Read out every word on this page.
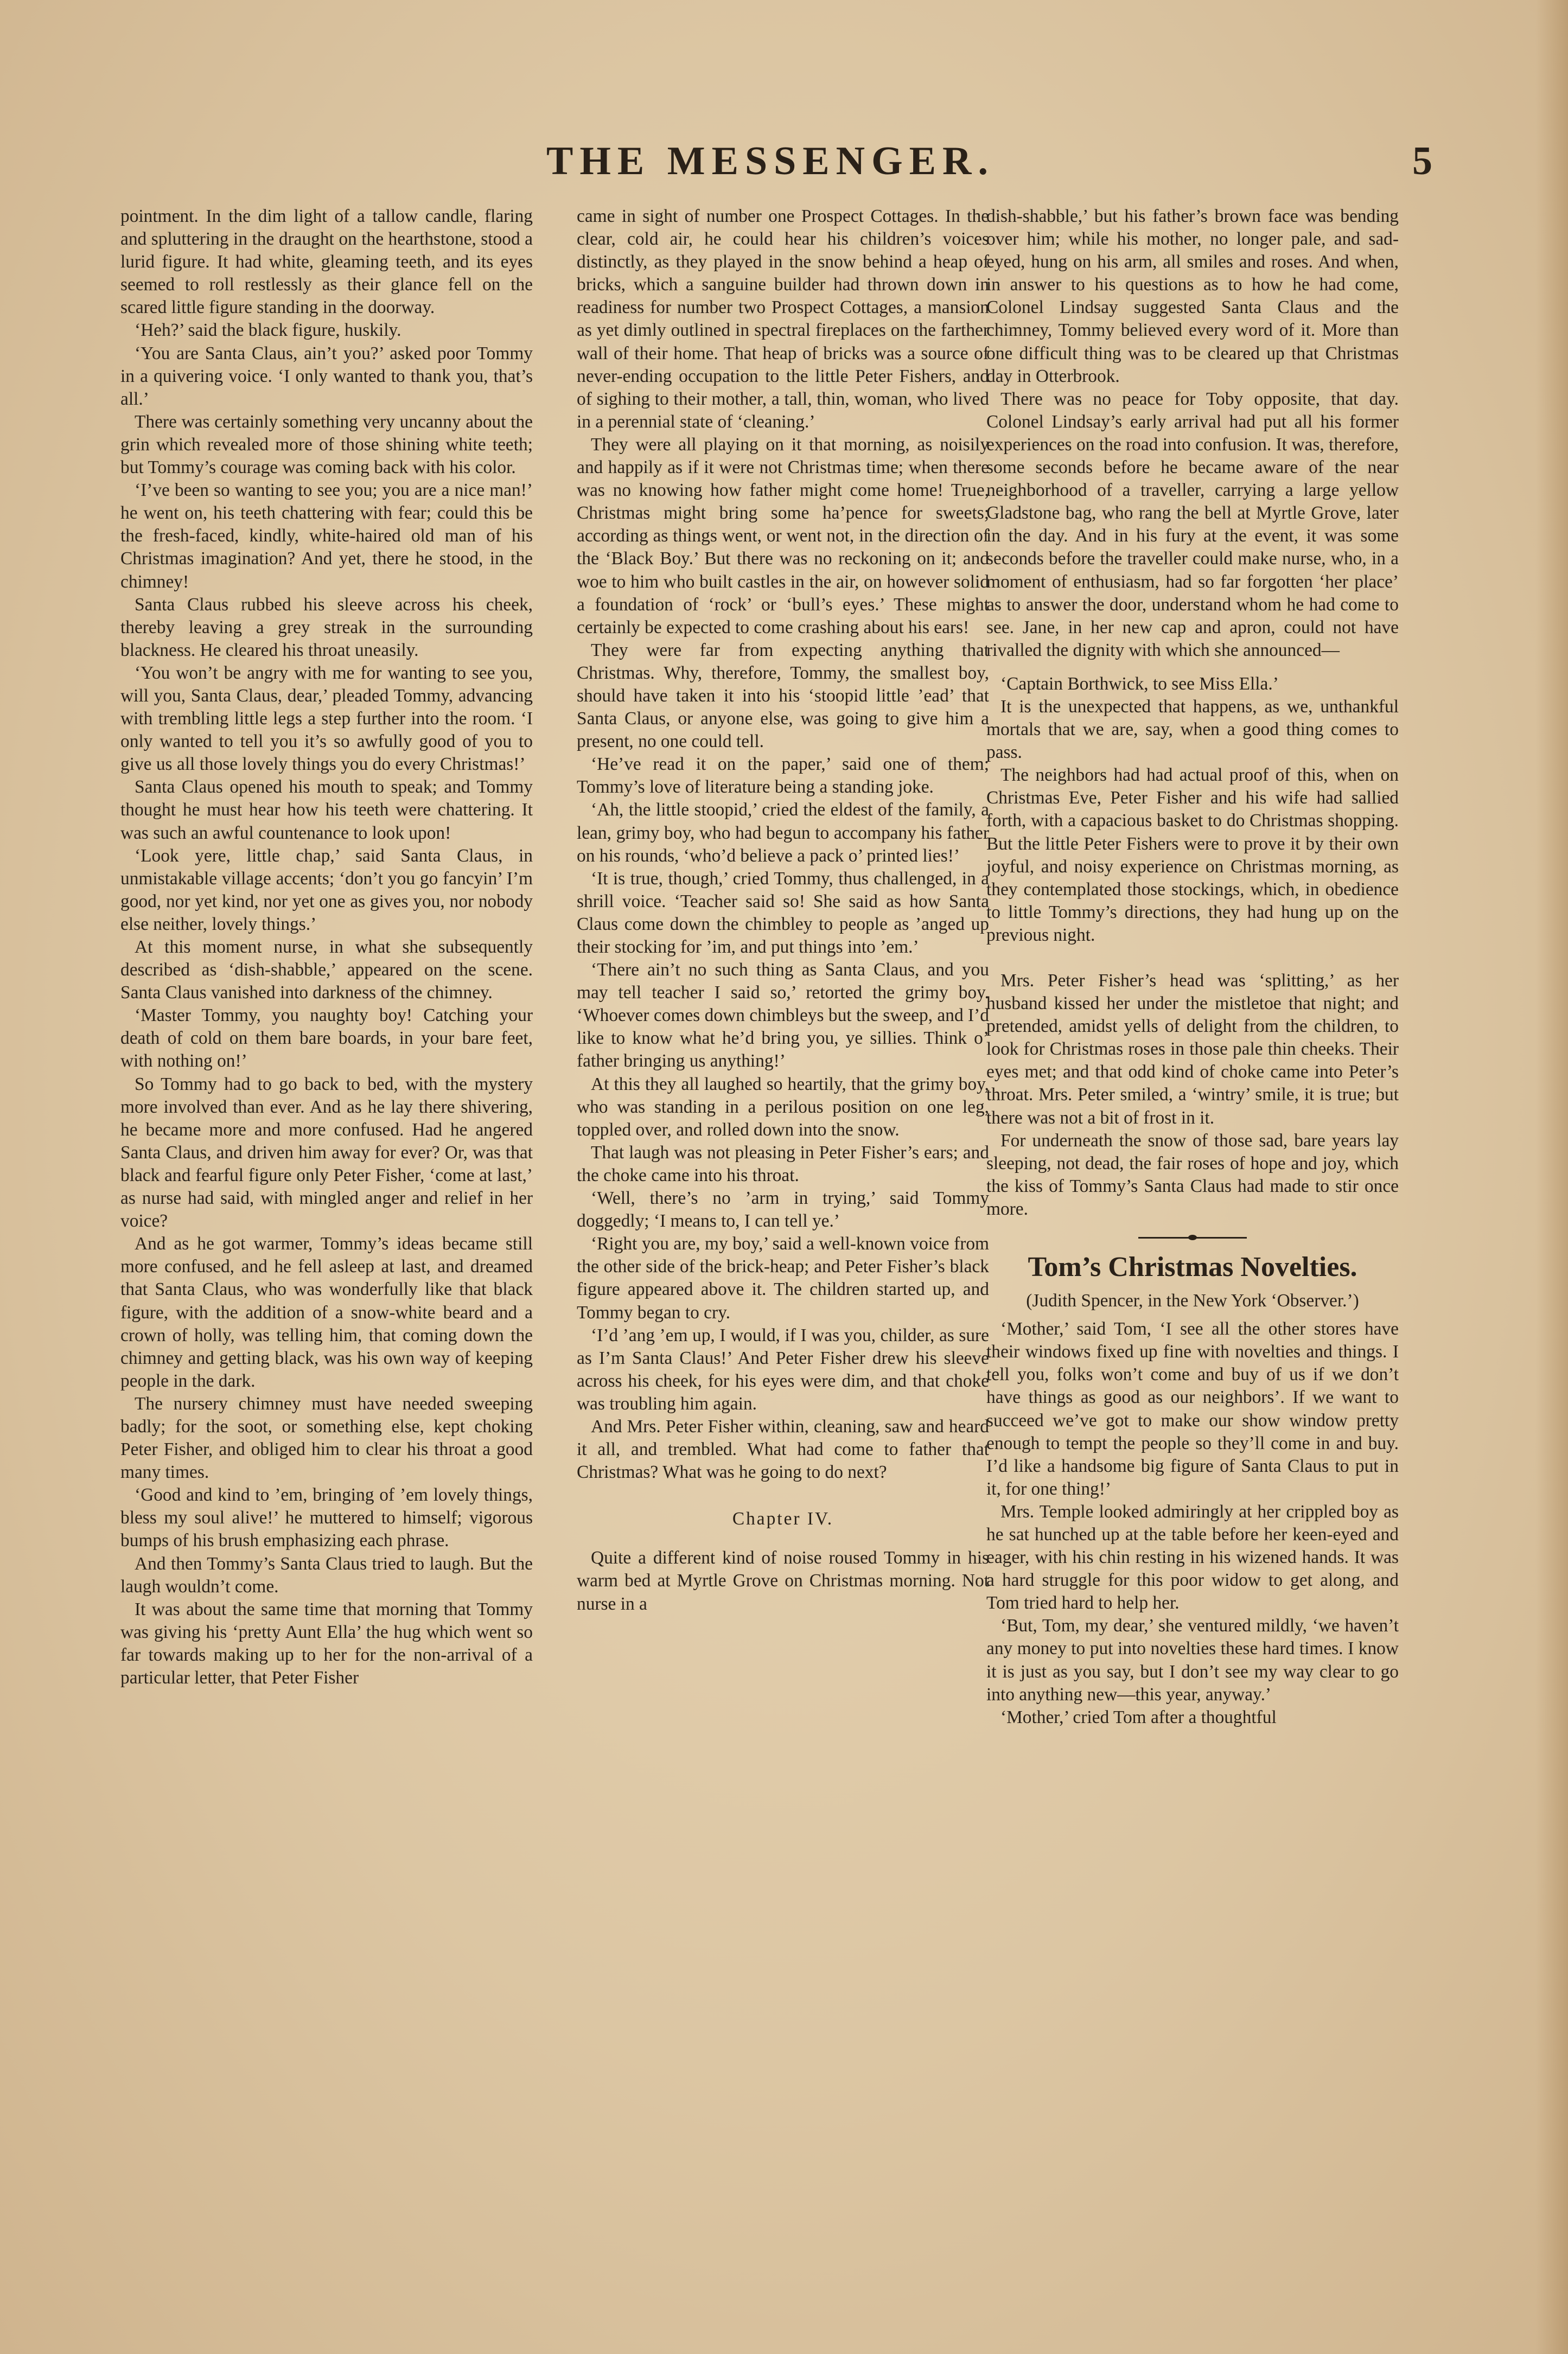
THE MESSENGER.	5

pointment. In the dim light of a tallow candle, flaring and spluttering in the draught on the hearthstone, stood a lurid figure. It had white, gleaming teeth, and its eyes seemed to roll restlessly as their glance fell on the scared little figure standing in the doorway.

‘Heh?’ said the black figure, huskily.

‘You are Santa Claus, ain’t you?’ asked poor Tommy in a quivering voice. ‘I only wanted to thank you, that’s all.’

There was certainly something very uncanny about the grin which revealed more of those shining white teeth; but Tommy’s courage was coming back with his color.

‘I’ve been so wanting to see you; you are a nice man!’ he went on, his teeth chattering with fear; could this be the fresh-faced, kindly, white-haired old man of his Christmas imagination? And yet, there he stood, in the chimney!

Santa Claus rubbed his sleeve across his cheek, thereby leaving a grey streak in the surrounding blackness. He cleared his throat uneasily.

‘You won’t be angry with me for wanting to see you, will you, Santa Claus, dear,’ pleaded Tommy, advancing with trembling little legs a step further into the room. ‘I only wanted to tell you it’s so awfully good of you to give us all those lovely things you do every Christmas!’

Santa Claus opened his mouth to speak; and Tommy thought he must hear how his teeth were chattering. It was such an awful countenance to look upon!

‘Look yere, little chap,’ said Santa Claus, in unmistakable village accents; ‘don’t you go fancyin’ I’m good, nor yet kind, nor yet one as gives you, nor nobody else neither, lovely things.’

At this moment nurse, in what she subsequently described as ‘dish-shabble,’ appeared on the scene. Santa Claus vanished into darkness of the chimney.

‘Master Tommy, you naughty boy! Catching your death of cold on them bare boards, in your bare feet, with nothing on!’

So Tommy had to go back to bed, with the mystery more involved than ever. And as he lay there shivering, he became more and more confused. Had he angered Santa Claus, and driven him away for ever? Or, was that black and fearful figure only Peter Fisher, ‘come at last,’ as nurse had said, with mingled anger and relief in her voice?

And as he got warmer, Tommy’s ideas became still more confused, and he fell asleep at last, and dreamed that Santa Claus, who was wonderfully like that black figure, with the addition of a snow-white beard and a crown of holly, was telling him, that coming down the chimney and getting black, was his own way of keeping people in the dark.

The nursery chimney must have needed sweeping badly; for the soot, or something else, kept choking Peter Fisher, and obliged him to clear his throat a good many times.

‘Good and kind to ’em, bringing of ’em lovely things, bless my soul alive!’ he muttered to himself; vigorous bumps of his brush emphasizing each phrase.

And then Tommy’s Santa Claus tried to laugh. But the laugh wouldn’t come.

It was about the same time that morning that Tommy was giving his ‘pretty Aunt Ella’ the hug which went so far towards making up to her for the non-arrival of a particular letter, that Peter Fisher

came in sight of number one Prospect Cottages. In the clear, cold air, he could hear his children’s voices distinctly, as they played in the snow behind a heap of bricks, which a sanguine builder had thrown down in readiness for number two Prospect Cottages, a mansion as yet dimly outlined in spectral fireplaces on the farther wall of their home. That heap of bricks was a source of never-ending occupation to the little Peter Fishers, and of sighing to their mother, a tall, thin, woman, who lived in a perennial state of ‘cleaning.’

They were all playing on it that morning, as noisily and happily as if it were not Christmas time; when there was no knowing how father might come home! True, Christmas might bring some ha’pence for sweets; according as things went, or went not, in the direction of the ‘Black Boy.’ But there was no reckoning on it; and woe to him who built castles in the air, on however solid a foundation of ‘rock’ or ‘bull’s eyes.’ These might certainly be expected to come crashing about his ears!

They were far from expecting anything that Christmas. Why, therefore, Tommy, the smallest boy, should have taken it into his ‘stoopid little ’ead’ that Santa Claus, or anyone else, was going to give him a present, no one could tell.

‘He’ve read it on the paper,’ said one of them; Tommy’s love of literature being a standing joke.

‘Ah, the little stoopid,’ cried the eldest of the family, a lean, grimy boy, who had begun to accompany his father on his rounds, ‘who’d believe a pack o’ printed lies!’

‘It is true, though,’ cried Tommy, thus challenged, in a shrill voice. ‘Teacher said so! She said as how Santa Claus come down the chimbley to people as ’anged up their stocking for ’im, and put things into ’em.’

‘There ain’t no such thing as Santa Claus, and you may tell teacher I said so,’ retorted the grimy boy. ‘Whoever comes down chimbleys but the sweep, and I’d like to know what he’d bring you, ye sillies. Think o’ father bringing us anything!’

At this they all laughed so heartily, that the grimy boy, who was standing in a perilous position on one leg, toppled over, and rolled down into the snow.

That laugh was not pleasing in Peter Fisher’s ears; and the choke came into his throat.

‘Well, there’s no ’arm in trying,’ said Tommy doggedly; ‘I means to, I can tell ye.’

‘Right you are, my boy,’ said a well-known voice from the other side of the brick-heap; and Peter Fisher’s black figure appeared above it. The children started up, and Tommy began to cry.

‘I’d ’ang ’em up, I would, if I was you, childer, as sure as I’m Santa Claus!’ And Peter Fisher drew his sleeve across his cheek, for his eyes were dim, and that choke was troubling him again.

And Mrs. Peter Fisher within, cleaning, saw and heard it all, and trembled. What had come to father that Christmas? What was he going to do next?

Chapter IV.

Quite a different kind of noise roused Tommy in his warm bed at Myrtle Grove on Christmas morning. Not nurse in a

dish-shabble,’ but his father’s brown face was bending over him; while his mother, no longer pale, and sad-eyed, hung on his arm, all smiles and roses. And when, in answer to his questions as to how he had come, Colonel Lindsay suggested Santa Claus and the chimney, Tommy believed every word of it. More than one difficult thing was to be cleared up that Christmas day in Otterbrook.

There was no peace for Toby opposite, that day. Colonel Lindsay’s early arrival had put all his former experiences on the road into confusion. It was, therefore, some seconds before he became aware of the near neighborhood of a traveller, carrying a large yellow Gladstone bag, who rang the bell at Myrtle Grove, later in the day. And in his fury at the event, it was some seconds before the traveller could make nurse, who, in a moment of enthusiasm, had so far forgotten ‘her place’ as to answer the door, understand whom he had come to see. Jane, in her new cap and apron, could not have rivalled the dignity with which she announced—

‘Captain Borthwick, to see Miss Ella.’

It is the unexpected that happens, as we, unthankful mortals that we are, say, when a good thing comes to pass.

The neighbors had had actual proof of this, when on Christmas Eve, Peter Fisher and his wife had sallied forth, with a capacious basket to do Christmas shopping. But the little Peter Fishers were to prove it by their own joyful, and noisy experience on Christmas morning, as they contemplated those stockings, which, in obedience to little Tommy’s directions, they had hung up on the previous night.

Mrs. Peter Fisher’s head was ‘splitting,’ as her husband kissed her under the mistletoe that night; and pretended, amidst yells of delight from the children, to look for Christmas roses in those pale thin cheeks. Their eyes met; and that odd kind of choke came into Peter’s throat. Mrs. Peter smiled, a ‘wintry’ smile, it is true; but there was not a bit of frost in it.

For underneath the snow of those sad, bare years lay sleeping, not dead, the fair roses of hope and joy, which the kiss of Tommy’s Santa Claus had made to stir once more.

Tom’s Christmas Novelties.
(Judith Spencer, in the New York ‘Observer.’)

‘Mother,’ said Tom, ‘I see all the other stores have their windows fixed up fine with novelties and things. I tell you, folks won’t come and buy of us if we don’t have things as good as our neighbors’. If we want to succeed we’ve got to make our show window pretty enough to tempt the people so they’ll come in and buy. I’d like a handsome big figure of Santa Claus to put in it, for one thing!’

Mrs. Temple looked admiringly at her crippled boy as he sat hunched up at the table before her keen-eyed and eager, with his chin resting in his wizened hands. It was a hard struggle for this poor widow to get along, and Tom tried hard to help her.

‘But, Tom, my dear,’ she ventured mildly, ‘we haven’t any money to put into novelties these hard times. I know it is just as you say, but I don’t see my way clear to go into anything new—this year, anyway.’

‘Mother,’ cried Tom after a thoughtful
